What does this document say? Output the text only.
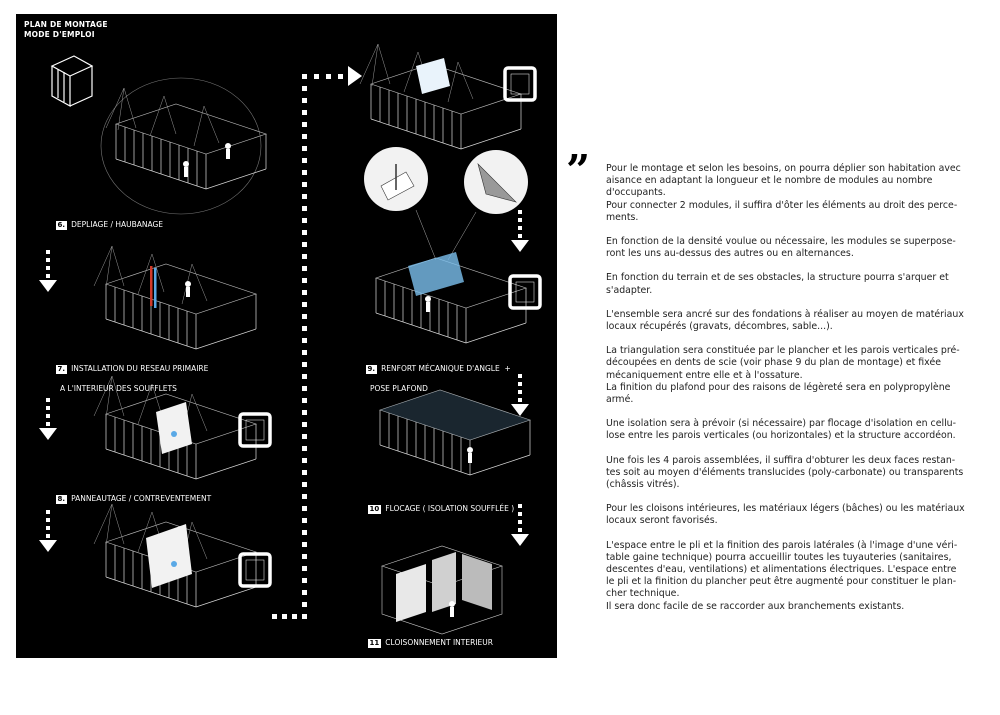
PLAN DE MONTAGE
MODE D'EMPLOI

6. DEPLIAGE / HAUBANAGE

7. INSTALLATION DU RESEAU PRIMAIRE

A L'INTERIEUR DES SOUFFLETS

8. PANNEAUTAGE / CONTREVENTEMENT

9. RENFORT MÉCANIQUE D'ANGLE  +

POSE PLAFOND

10 FLOCAGE ( ISOLATION SOUFFLÉE )

11 CLOISONNEMENT INTERIEUR

POSE PLANCHER TECHNIQUE

POSE ET RACCORDEMENT RÉSEAUX

” Pour le montage et selon les besoins, on pourra déplier son habitation avec
aisance en adaptant la longueur et le nombre de modules au nombre
d'occupants.
Pour connecter 2 modules, il suffira d'ôter les éléments au droit des perce-
ments.

En fonction de la densité voulue ou nécessaire, les modules se superpose-
ront les uns au-dessus des autres ou en alternances.

En fonction du terrain et de ses obstacles, la structure pourra s'arquer et
s'adapter.

L'ensemble sera ancré sur des fondations à réaliser au moyen de matériaux
locaux récupérés (gravats, décombres, sable...).

La triangulation sera constituée par le plancher et les parois verticales pré-
découpées en dents de scie (voir phase 9 du plan de montage) et fixée
mécaniquement entre elle et à l'ossature.
La finition du plafond pour des raisons de légèreté sera en polypropylène
armé.

Une isolation sera à prévoir (si nécessaire) par flocage d'isolation en cellu-
lose entre les parois verticales (ou horizontales) et la structure accordéon.

Une fois les 4 parois assemblées, il suffira d'obturer les deux faces restan-
tes soit au moyen d'éléments translucides (poly-carbonate) ou transparents
(châssis vitrés).

Pour les cloisons intérieures, les matériaux légers (bâches) ou les matériaux
locaux seront favorisés.

L'espace entre le pli et la finition des parois latérales (à l'image d'une véri-
table gaine technique) pourra accueillir toutes les tuyauteries (sanitaires,
descentes d'eau, ventilations) et alimentations électriques. L'espace entre
le pli et la finition du plancher peut être augmenté pour constituer le plan-
cher technique.
Il sera donc facile de se raccorder aux branchements existants.
